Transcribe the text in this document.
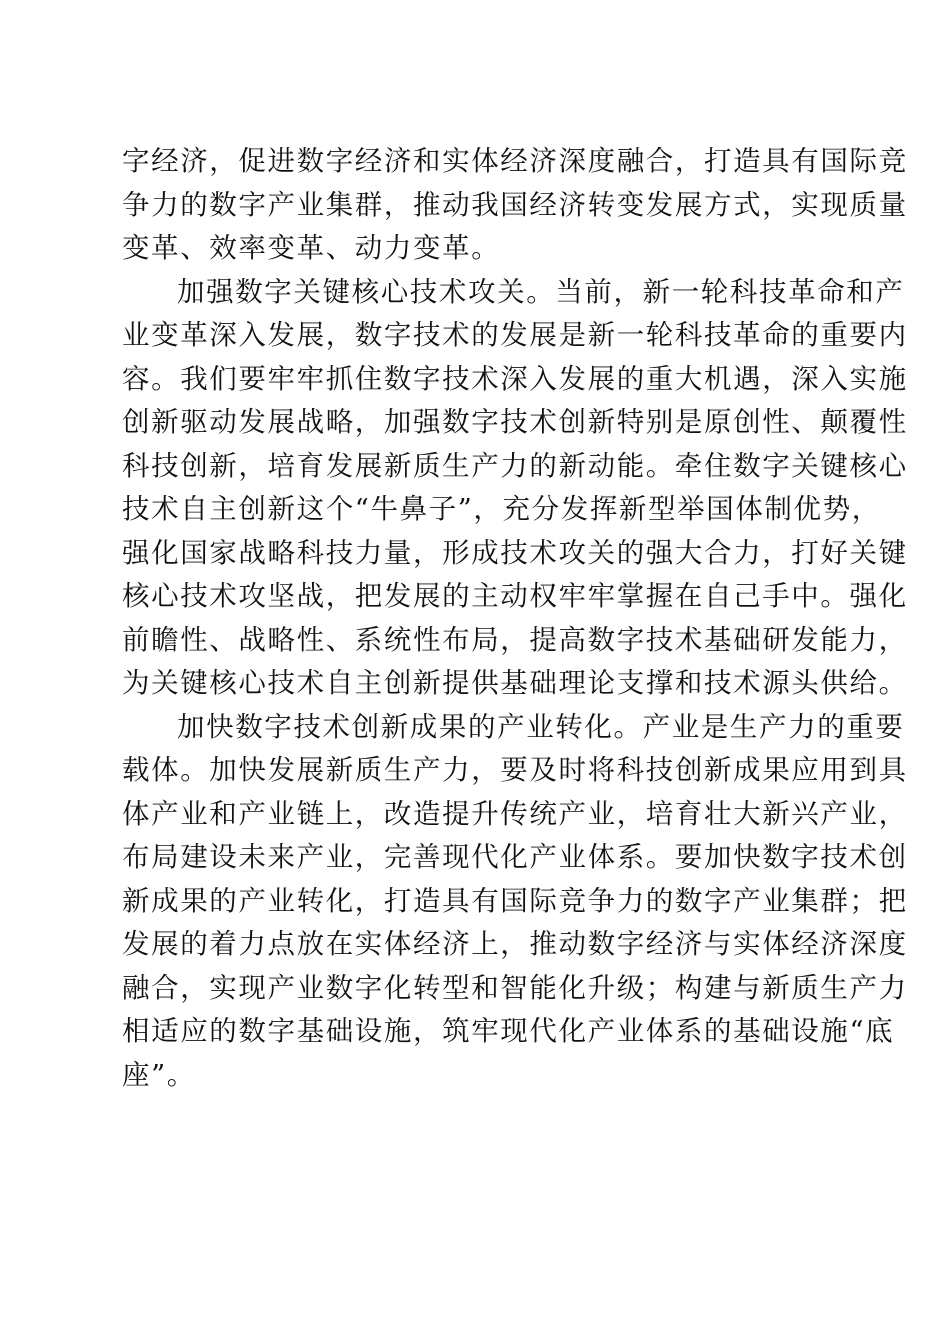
字经济，促进数字经济和实体经济深度融合，打造具有国际竞
争力的数字产业集群，推动我国经济转变发展方式，实现质量
变革、效率变革、动力变革。
加强数字关键核心技术攻关。当前，新一轮科技革命和产
业变革深入发展，数字技术的发展是新一轮科技革命的重要内
容。我们要牢牢抓住数字技术深入发展的重大机遇，深入实施
创新驱动发展战略，加强数字技术创新特别是原创性、颠覆性
科技创新，培育发展新质生产力的新动能。牵住数字关键核心
技术自主创新这个“牛鼻子”，充分发挥新型举国体制优势，
强化国家战略科技力量，形成技术攻关的强大合力，打好关键
核心技术攻坚战，把发展的主动权牢牢掌握在自己手中。强化
前瞻性、战略性、系统性布局，提高数字技术基础研发能力，
为关键核心技术自主创新提供基础理论支撑和技术源头供给。
加快数字技术创新成果的产业转化。产业是生产力的重要
载体。加快发展新质生产力，要及时将科技创新成果应用到具
体产业和产业链上，改造提升传统产业，培育壮大新兴产业，
布局建设未来产业，完善现代化产业体系。要加快数字技术创
新成果的产业转化，打造具有国际竞争力的数字产业集群；把
发展的着力点放在实体经济上，推动数字经济与实体经济深度
融合，实现产业数字化转型和智能化升级；构建与新质生产力
相适应的数字基础设施，筑牢现代化产业体系的基础设施“底
座”。
